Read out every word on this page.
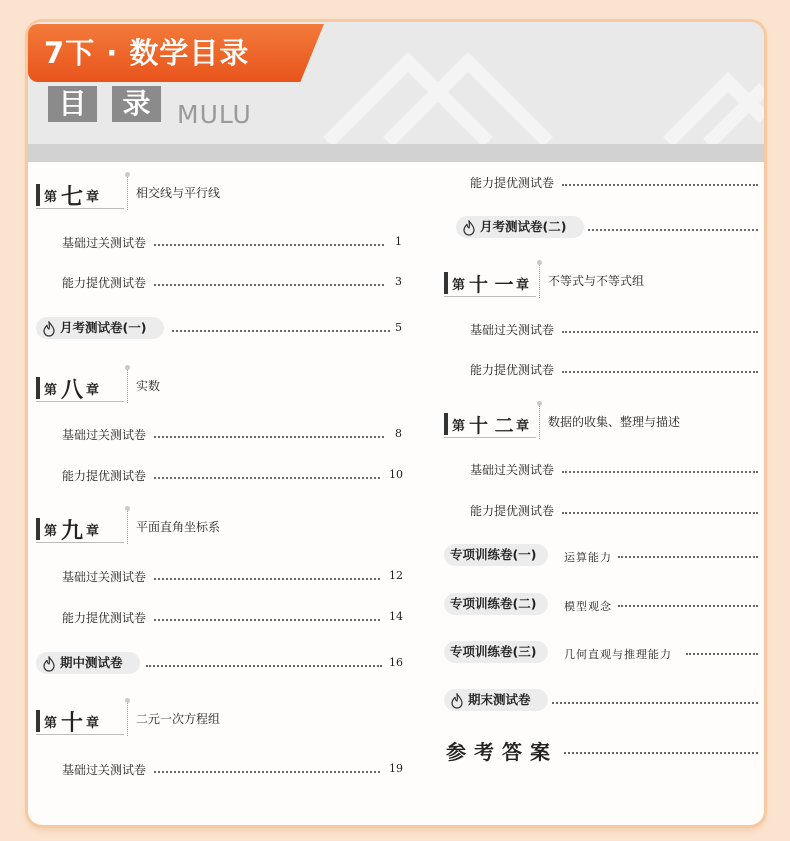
7下 · 数学目录
目	录	MULU
第 七 章	相交线与平行线
基础过关测试卷	1
能力提优测试卷	3
月考测试卷(一)	5
第 八 章	实数
基础过关测试卷	8
能力提优测试卷	10
第 九 章	平面直角坐标系
基础过关测试卷	12
能力提优测试卷	14
期中测试卷	16
第 十 章	二元一次方程组
基础过关测试卷	19
能力提优测试卷
月考测试卷(二)
第 十 一 章 不等式与不等式组
基础过关测试卷
能力提优测试卷
第 十 二 章 数据的收集、整理与描述
基础过关测试卷
能力提优测试卷
专项训练卷(一)	运算能力
专项训练卷(二)	模型观念
专项训练卷(三)	几何直观与推理能力
期末测试卷
参考答案
